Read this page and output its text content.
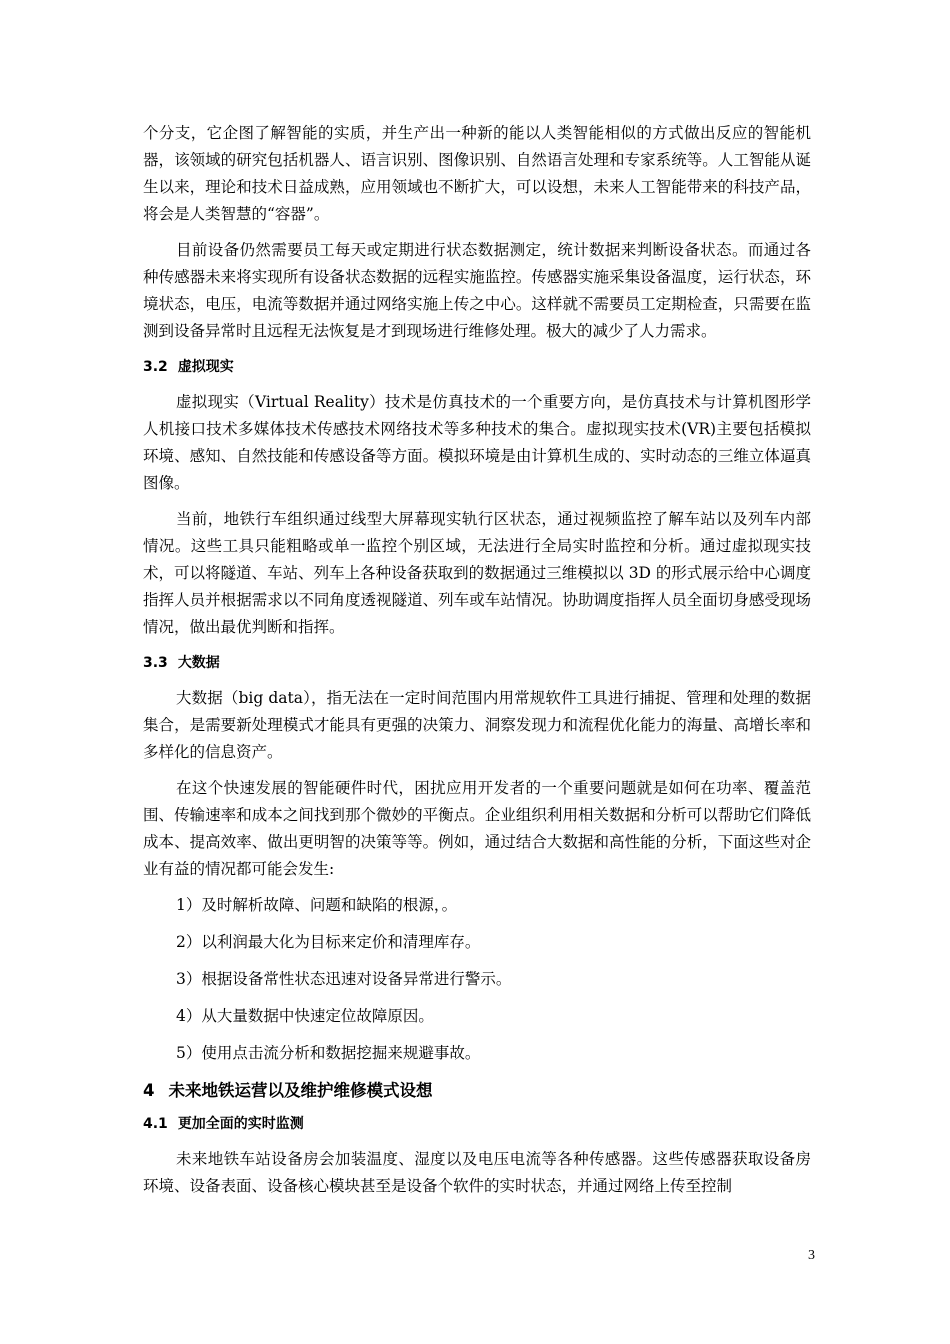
个分支，它企图了解智能的实质，并生产出一种新的能以人类智能相似的方式做出反应的智能机器，该领域的研究包括机器人、语言识别、图像识别、自然语言处理和专家系统等。人工智能从诞生以来，理论和技术日益成熟，应用领域也不断扩大，可以设想，未来人工智能带来的科技产品，将会是人类智慧的“容器”。

目前设备仍然需要员工每天或定期进行状态数据测定，统计数据来判断设备状态。而通过各种传感器未来将实现所有设备状态数据的远程实施监控。传感器实施采集设备温度，运行状态，环境状态，电压，电流等数据并通过网络实施上传之中心。这样就不需要员工定期检查，只需要在监测到设备异常时且远程无法恢复是才到现场进行维修处理。极大的减少了人力需求。

3.2 虚拟现实

虚拟现实（Virtual Reality）技术是仿真技术的一个重要方向，是仿真技术与计算机图形学人机接口技术多媒体技术传感技术网络技术等多种技术的集合。虚拟现实技术(VR)主要包括模拟环境、感知、自然技能和传感设备等方面。模拟环境是由计算机生成的、实时动态的三维立体逼真图像。

当前，地铁行车组织通过线型大屏幕现实轨行区状态，通过视频监控了解车站以及列车内部情况。这些工具只能粗略或单一监控个别区域，无法进行全局实时监控和分析。通过虚拟现实技术，可以将隧道、车站、列车上各种设备获取到的数据通过三维模拟以 3D 的形式展示给中心调度指挥人员并根据需求以不同角度透视隧道、列车或车站情况。协助调度指挥人员全面切身感受现场情况，做出最优判断和指挥。

3.3 大数据

大数据（big data），指无法在一定时间范围内用常规软件工具进行捕捉、管理和处理的数据集合，是需要新处理模式才能具有更强的决策力、洞察发现力和流程优化能力的海量、高增长率和多样化的信息资产。

在这个快速发展的智能硬件时代，困扰应用开发者的一个重要问题就是如何在功率、覆盖范围、传输速率和成本之间找到那个微妙的平衡点。企业组织利用相关数据和分析可以帮助它们降低成本、提高效率、做出更明智的决策等等。例如，通过结合大数据和高性能的分析，下面这些对企业有益的情况都可能会发生:

1）及时解析故障、问题和缺陷的根源，。
2）以利润最大化为目标来定价和清理库存。
3）根据设备常性状态迅速对设备异常进行警示。
4）从大量数据中快速定位故障原因。
5）使用点击流分析和数据挖掘来规避事故。
4 未来地铁运营以及维护维修模式设想
4.1 更加全面的实时监测

未来地铁车站设备房会加装温度、湿度以及电压电流等各种传感器。这些传感器获取设备房环境、设备表面、设备核心模块甚至是设备个软件的实时状态，并通过网络上传至控制

3
